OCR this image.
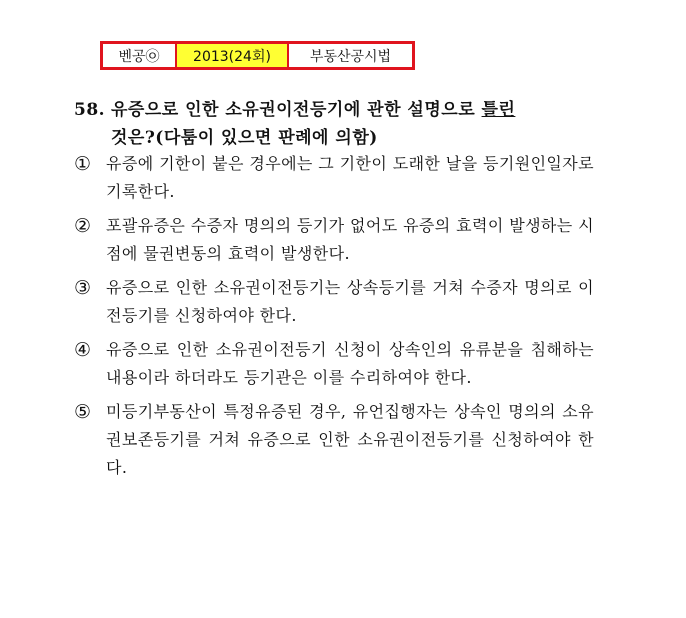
벤공㉧	2013(24회)	부동산공시법
58. 유증으로 인한 소유권이전등기에 관한 설명으로 틀린
것은?(다툼이 있으면 판례에 의함)
① 유증에 기한이 붙은 경우에는 그 기한이 도래한 날을 등기원인일자로 기록한다.
② 포괄유증은 수증자 명의의 등기가 없어도 유증의 효력이 발생하는 시점에 물권변동의 효력이 발생한다.
③ 유증으로 인한 소유권이전등기는 상속등기를 거쳐 수증자 명의로 이전등기를 신청하여야 한다.
④ 유증으로 인한 소유권이전등기 신청이 상속인의 유류분을 침해하는 내용이라 하더라도 등기관은 이를 수리하여야 한다.
⑤ 미등기부동산이 특정유증된 경우, 유언집행자는 상속인 명의의 소유권보존등기를 거쳐 유증으로 인한 소유권이전등기를 신청하여야 한다.
